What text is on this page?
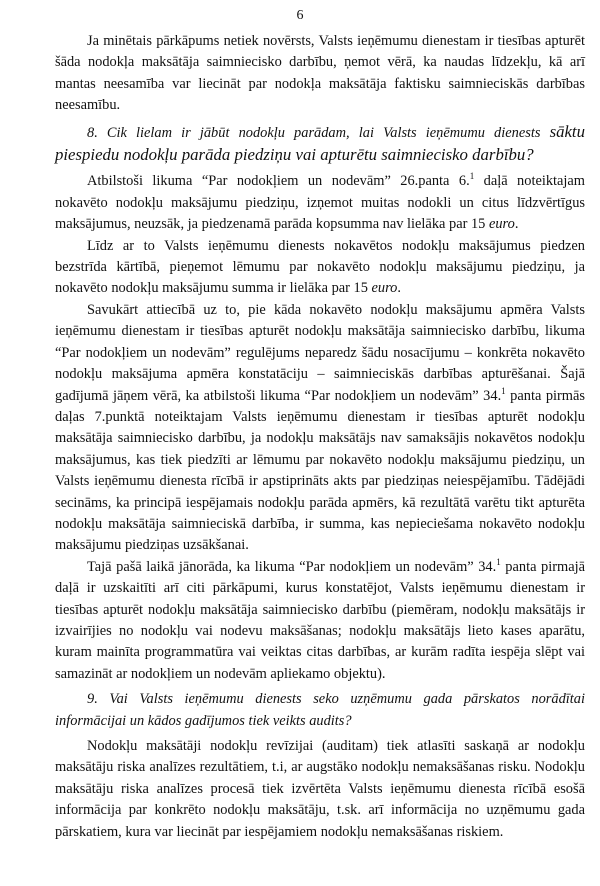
6

Ja minētais pārkāpums netiek novērsts, Valsts ieņēmumu dienestam ir tiesības apturēt šāda nodokļa maksātāja saimniecisko darbību, ņemot vērā, ka naudas līdzekļu, kā arī mantas neesamība var liecināt par nodokļa maksātāja faktisku saimnieciskās darbības neesamību.

8. Cik lielam ir jābūt nodokļu parādam, lai Valsts ieņēmumu dienests sāktu piespiedu nodokļu parāda piedziņu vai apturētu saimniecisko darbību?

Atbilstoši likuma “Par nodokļiem un nodevām” 26.panta 6.$^1$ daļā noteiktajam nokavēto nodokļu maksājumu piedziņu, izņemot muitas nodokli un citus līdzvērtīgus maksājumus, neuzsāk, ja piedzenamā parāda kopsumma nav lielāka par 15 euro.

Līdz ar to Valsts ieņēmumu dienests nokavētos nodokļu maksājumus piedzen bezstrīda kārtībā, pieņemot lēmumu par nokavēto nodokļu maksājumu piedziņu, ja nokavēto nodokļu maksājumu summa ir lielāka par 15 euro.

Savukārt attiecībā uz to, pie kāda nokavēto nodokļu maksājumu apmēra Valsts ieņēmumu dienestam ir tiesības apturēt nodokļu maksātāja saimniecisko darbību, likuma “Par nodokļiem un nodevām” regulējums neparedz šādu nosacījumu – konkrēta nokavēto nodokļu maksājuma apmēra konstatāciju – saimnieciskās darbības apturēšanai. Šajā gadījumā jāņem vērā, ka atbilstoši likuma “Par nodokļiem un nodevām” 34.$^1$ panta pirmās daļas 7.punktā noteiktajam Valsts ieņēmumu dienestam ir tiesības apturēt nodokļu maksātāja saimniecisko darbību, ja nodokļu maksātājs nav samaksājis nokavētos nodokļu maksājumus, kas tiek piedzīti ar lēmumu par nokavēto nodokļu maksājumu piedziņu, un Valsts ieņēmumu dienesta rīcībā ir apstiprināts akts par piedziņas neiespējamību. Tādējādi secināms, ka principā iespējamais nodokļu parāda apmērs, kā rezultātā varētu tikt apturēta nodokļu maksātāja saimnieciskā darbība, ir summa, kas nepieciešama nokavēto nodokļu maksājumu piedziņas uzsākšanai.

Tajā pašā laikā jānorāda, ka likuma “Par nodokļiem un nodevām” 34.$^1$ panta pirmajā daļā ir uzskaitīti arī citi pārkāpumi, kurus konstatējot, Valsts ieņēmumu dienestam ir tiesības apturēt nodokļu maksātāja saimniecisko darbību (piemēram, nodokļu maksātājs ir izvairījies no nodokļu vai nodevu maksāšanas; nodokļu maksātājs lieto kases aparātu, kuram mainīta programmatūra vai veiktas citas darbības, ar kurām radīta iespēja slēpt vai samazināt ar nodokļiem un nodevām apliekamo objektu).

9. Vai Valsts ieņēmumu dienests seko uzņēmumu gada pārskatos norādītai informācijai un kādos gadījumos tiek veikts audits?

Nodokļu maksātāji nodokļu revīzijai (auditam) tiek atlasīti saskaņā ar nodokļu maksātāju riska analīzes rezultātiem, t.i, ar augstāko nodokļu nemaksāšanas risku. Nodokļu maksātāju riska analīzes procesā tiek izvērtēta Valsts ieņēmumu dienesta rīcībā esošā informācija par konkrēto nodokļu maksātāju, t.sk. arī informācija no uzņēmumu gada pārskatiem, kura var liecināt par iespējamiem nodokļu nemaksāšanas riskiem.
